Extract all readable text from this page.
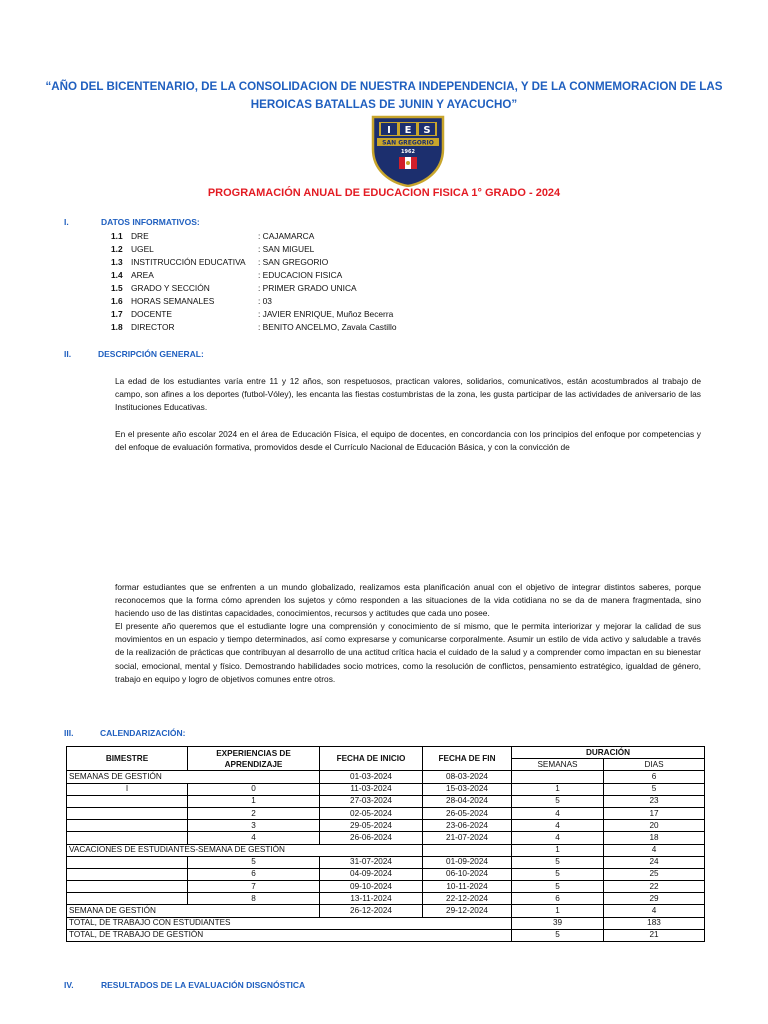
“AÑO DEL BICENTENARIO, DE LA CONSOLIDACION DE NUESTRA INDEPENDENCIA, Y DE LA CONMEMORACION DE LAS HEROICAS BATALLAS DE JUNIN Y AYACUCHO”
I E S
SAN GREGORIO
1962
PROGRAMACIÓN ANUAL DE EDUCACION FISICA 1° GRADO - 2024
I.	DATOS INFORMATIVOS:
1.1 DRE	: CAJAMARCA
1.2 UGEL	: SAN MIGUEL
1.3 INSTITRUCCIÓN EDUCATIVA : SAN GREGORIO
1.4 AREA	: EDUCACION FISICA
1.5 GRADO Y SECCIÓN	: PRIMER GRADO UNICA
1.6 HORAS SEMANALES	: 03
1.7 DOCENTE	: JAVIER ENRIQUE, Muñoz Becerra
1.8 DIRECTOR	: BENITO ANCELMO, Zavala Castillo
II.	DESCRIPCIÓN GENERAL:
La edad de los estudiantes varía entre 11 y 12 años, son respetuosos, practican valores, solidarios, comunicativos, están acostumbrados al trabajo de campo, son afines a los deportes (futbol-Vóley), les encanta las fiestas costumbristas de la zona, les gusta participar de las actividades de aniversario de las Instituciones Educativas.
En el presente año escolar 2024 en el área de Educación Física, el equipo de docentes, en concordancia con los principios del enfoque por competencias y del enfoque de evaluación formativa, promovidos desde el Currículo Nacional de Educación Básica, y con la convicción de
formar estudiantes que se enfrenten a un mundo globalizado, realizamos esta planificación anual con el objetivo de integrar distintos saberes, porque reconocemos que la forma cómo aprenden los sujetos y cómo responden a las situaciones de la vida cotidiana no se da de manera fragmentada, sino haciendo uso de las distintas capacidades, conocimientos, recursos y actitudes que cada uno posee.
El presente año queremos que el estudiante logre una comprensión y conocimiento de sí mismo, que le permita interiorizar y mejorar la calidad de sus movimientos en un espacio y tiempo determinados, así como expresarse y comunicarse corporalmente. Asumir un estilo de vida activo y saludable a través de la realización de prácticas que contribuyan al desarrollo de una actitud crítica hacia el cuidado de la salud y a comprender como impactan en su bienestar social, emocional, mental y físico. Demostrando habilidades socio motrices, como la resolución de conflictos, pensamiento estratégico, igualdad de género, trabajo en equipo y logro de objetivos comunes entre otros.
III.	CALENDARIZACIÓN:
BIMESTRE	EXPERIENCIAS DE APRENDIZAJE	FECHA DE INICIO	FECHA DE FIN	DURACIÓN	
				SEMANAS	DIAS
SEMANAS DE GESTIÓN		01-03-2024	08-03-2024		6
I	0	11-03-2024	15-03-2024	1	5
	1	27-03-2024	28-04-2024	5	23
	2	02-05-2024	26-05-2024	4	17
	3	29-05-2024	23-06-2024	4	20
	4	26-06-2024	21-07-2024	4	18
VACACIONES DE ESTUDIANTES-SEMANA DE GESTIÓN				1	4
	5	31-07-2024	01-09-2024	5	24
	6	04-09-2024	06-10-2024	5	25
	7	09-10-2024	10-11-2024	5	22
	8	13-11-2024	22-12-2024	6	29
SEMANA DE GESTIÓN		26-12-2024	29-12-2024	1	4
TOTAL, DE TRABAJO CON ESTUDIANTES				39	183
TOTAL, DE TRABAJO DE GESTIÓN				5	21
IV.	RESULTADOS DE LA EVALUACIÓN DISGNÓSTICA
